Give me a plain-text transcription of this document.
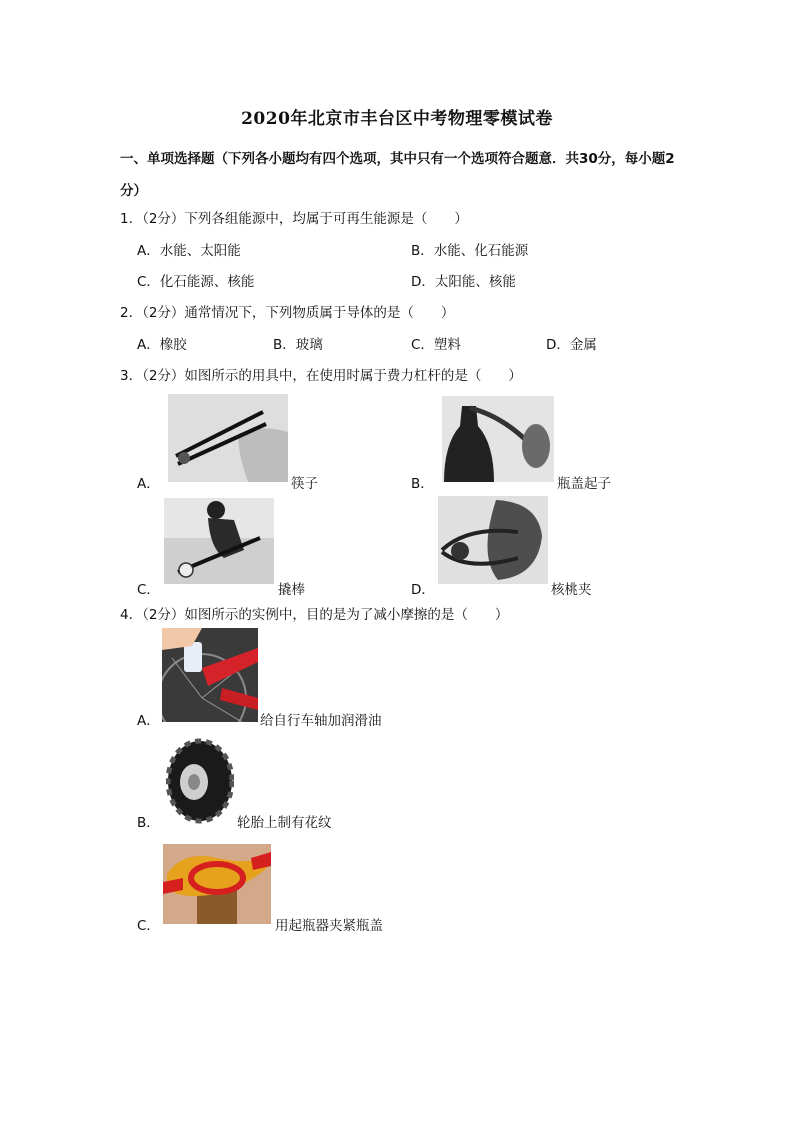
2020年北京市丰台区中考物理零模试卷
一、单项选择题（下列各小题均有四个选项，其中只有一个选项符合题意．共30分，每小题2分）
1．（2分）下列各组能源中，均属于可再生能源是（　　）
A．水能、太阳能	B．水能、化石能源
C．化石能源、核能	D．太阳能、核能
2．（2分）通常情况下，下列物质属于导体的是（　　）
A．橡胶	B．玻璃	C．塑料	D．金属
3．（2分）如图所示的用具中，在使用时属于费力杠杆的是（　　）
A．	筷子	B．	瓶盖起子
C．	撬棒	D．	核桃夹
4．（2分）如图所示的实例中，目的是为了减小摩擦的是（　　）
A．	给自行车轴加润滑油
B．	轮胎上制有花纹
C．	用起瓶器夹紧瓶盖
